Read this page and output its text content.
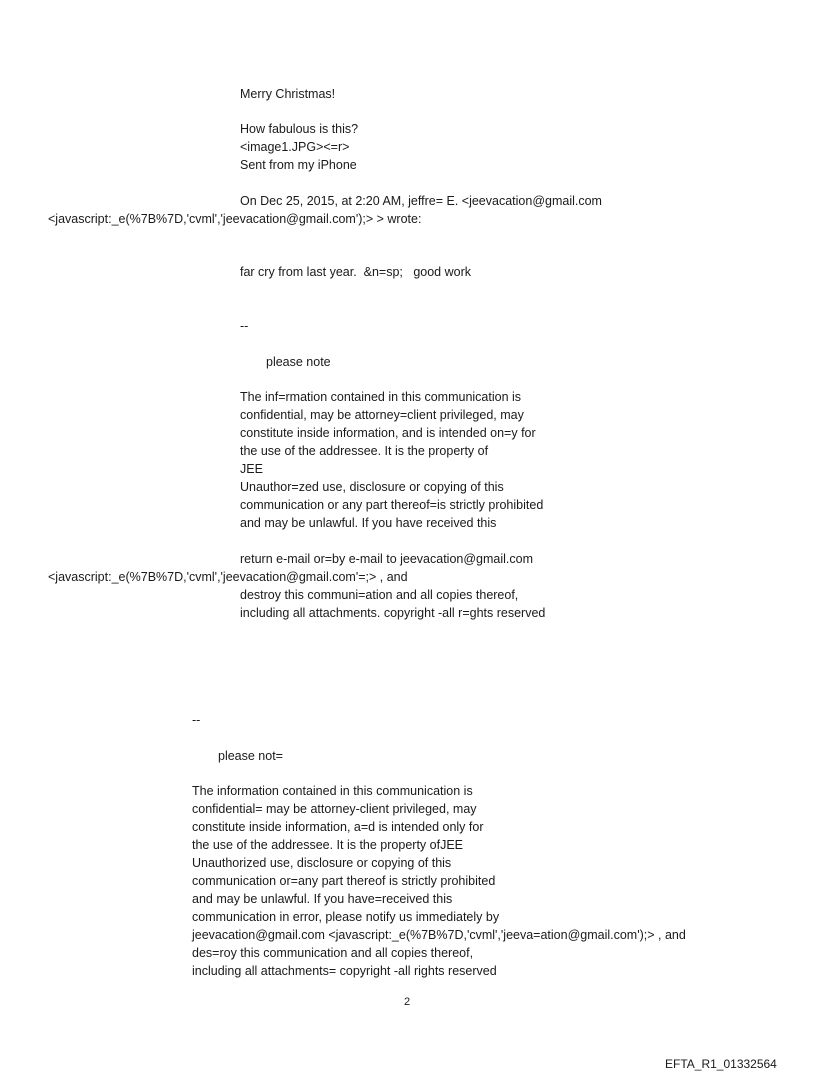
Merry Christmas!

How fabulous is this?

<image1.JPG><=r>

Sent from my iPhone

On Dec 25, 2015, at 2:20 AM, jeffre= E. <jeevacation@gmail.com

<javascript:_e(%7B%7D,'cvml','jeevacation@gmail.com');> > wrote:

far cry from last year.  &n=sp;   good work

--

please note

The inf=rmation contained in this communication is

confidential, may be attorney=client privileged, may

constitute inside information, and is intended on=y for

the use of the addressee. It is the property of

JEE

Unauthor=zed use, disclosure or copying of this

communication or any part thereof=is strictly prohibited

and may be unlawful. If you have received this

return e-mail or=by e-mail to jeevacation@gmail.com

<javascript:_e(%7B%7D,'cvml','jeevacation@gmail.com'=;> , and

destroy this communi=ation and all copies thereof,

including all attachments. copyright -all r=ghts reserved

--

please not=

The information contained in this communication is

confidential= may be attorney-client privileged, may

constitute inside information, a=d is intended only for

the use of the addressee. It is the property ofJEE

Unauthorized use, disclosure or copying of this

communication or=any part thereof is strictly prohibited

and may be unlawful. If you have=received this

communication in error, please notify us immediately by

jeevacation@gmail.com <javascript:_e(%7B%7D,'cvml','jeeva=ation@gmail.com');> , and

des=roy this communication and all copies thereof,

including all attachments= copyright -all rights reserved

2
EFTA_R1_01332564
